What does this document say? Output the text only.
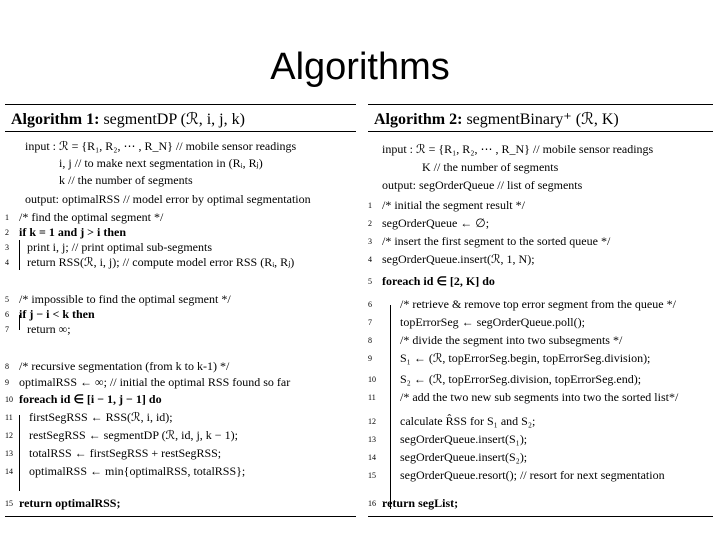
Algorithms
Algorithm 1: segmentDP (ℛ, i, j, k)
input : ℛ = {R₁, R₂, ⋯ , R_N} // mobile sensor readings
i, j // to make next segmentation in (Rᵢ, Rⱼ)
k // the number of segments
output: optimalRSS // model error by optimal segmentation
1 /* find the optimal segment */
2 if k = 1 and j > i then
3 print i, j; // print optimal sub-segments
4 return RSS(ℛ, i, j); // compute model error RSS (Rᵢ, Rⱼ)
5 /* impossible to find the optimal segment */
6 if j − i < k then
7 return ∞;
8 /* recursive segmentation (from k to k-1) */
9 optimalRSS ← ∞; // initial the optimal RSS found so far
10 foreach id ∈ [i − 1, j − 1] do
11 firstSegRSS ← RSS(ℛ, i, id);
12 restSegRSS ← segmentDP (ℛ, id, j, k − 1);
13 totalRSS ← firstSegRSS + restSegRSS;
14 optimalRSS ← min{optimalRSS, totalRSS};
15 return optimalRSS;
Algorithm 2: segmentBinary⁺ (ℛ, K)
input : ℛ = {R₁, R₂, ⋯ , R_N} // mobile sensor readings
K // the number of segments
output: segOrderQueue // list of segments
1 /* initial the segment result */
2 segOrderQueue ← ∅;
3 /* insert the first segment to the sorted queue */
4 segOrderQueue.insert(ℛ, 1, N);
5 foreach id ∈ [2, K] do
6 /* retrieve & remove top error segment from the queue */
7 topErrorSeg ← segOrderQueue.poll();
8 /* divide the segment into two subsegments */
9 S₁ ← (ℛ, topErrorSeg.begin, topErrorSeg.division);
10 S₂ ← (ℛ, topErrorSeg.division, topErrorSeg.end);
11 /* add the two new sub segments into two the sorted list*/
12 calculate R̂SS for S₁ and S₂;
13 segOrderQueue.insert(S₁);
14 segOrderQueue.insert(S₂);
15 segOrderQueue.resort(); // resort for next segmentation
16 return segList;
